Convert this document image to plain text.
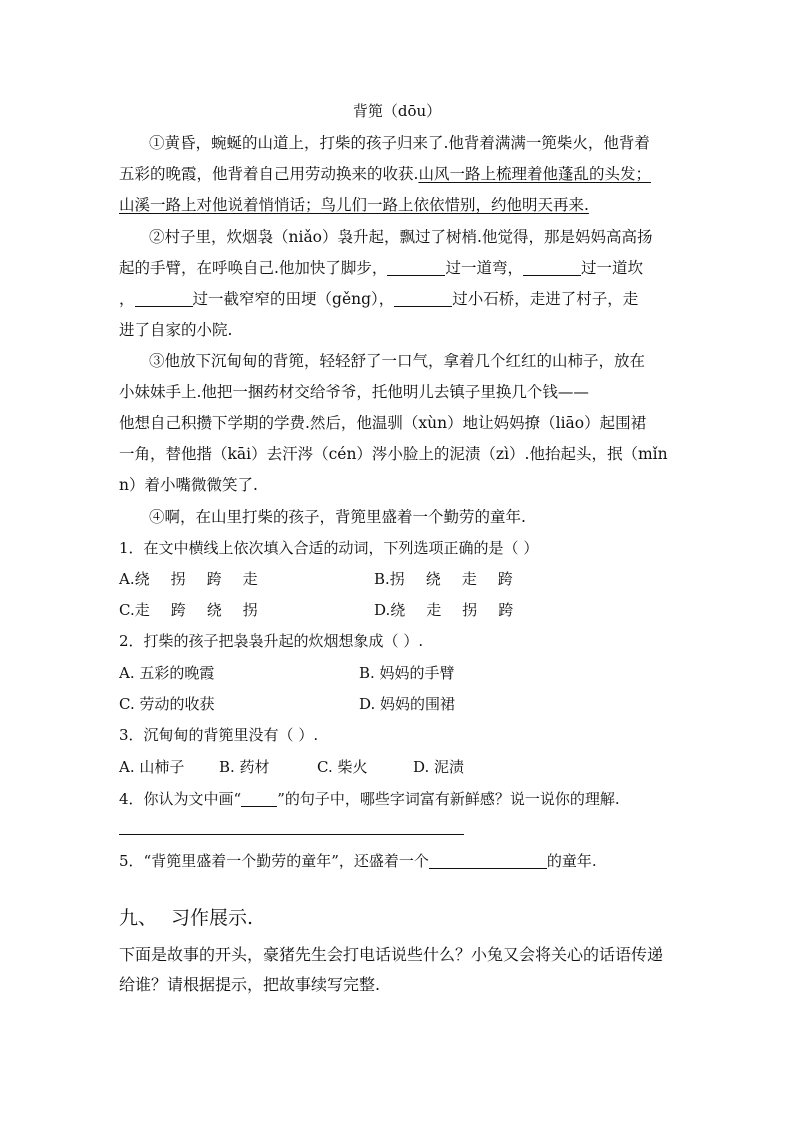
背篼（dōu）
①黄昏，蜿蜒的山道上，打柴的孩子归来了.他背着满满一篼柴火，他背着
五彩的晚霞，他背着自己用劳动换来的收获.山风一路上梳理着他蓬乱的头发；
山溪一路上对他说着悄悄话；鸟儿们一路上依依惜别，约他明天再来.
②村子里，炊烟袅（niǎo）袅升起，飘过了树梢.他觉得，那是妈妈高高扬
起的手臂，在呼唤自己.他加快了脚步，	过一道弯，	过一道坎
，	过一截窄窄的田埂（gěng），	过小石桥，走进了村子，走
进了自家的小院.
③他放下沉甸甸的背篼，轻轻舒了一口气，拿着几个红红的山柿子，放在
小妹妹手上.他把一捆药材交给爷爷，托他明儿去镇子里换几个钱——
他想自己积攒下学期的学费.然后，他温驯（xùn）地让妈妈撩（liāo）起围裙
一角，替他揩（kāi）去汗涔（cén）涔小脸上的泥渍（zì）.他抬起头，抿（mǐn
n）着小嘴微微笑了.
④啊，在山里打柴的孩子，背篼里盛着一个勤劳的童年.
1．在文中横线上依次填入合适的动词，下列选项正确的是（ ）
A.绕 拐 跨 走	B.拐 绕 走 跨
C.走 跨 绕 拐	D.绕 走 拐 跨
2．打柴的孩子把袅袅升起的炊烟想象成（ ）.
A. 五彩的晚霞	B. 妈妈的手臂
C. 劳动的收获	D. 妈妈的围裙
3．沉甸甸的背篼里没有（ ）.
A. 山柿子 B. 药材	C. 柴火	D. 泥渍
4．你认为文中画“ ”的句子中，哪些字词富有新鲜感？说一说你的理解.
5．“背篼里盛着一个勤劳的童年”，还盛着一个	的童年.
九、 习作展示.
下面是故事的开头，豪猪先生会打电话说些什么？小兔又会将关心的话语传递
给谁？请根据提示，把故事续写完整.
